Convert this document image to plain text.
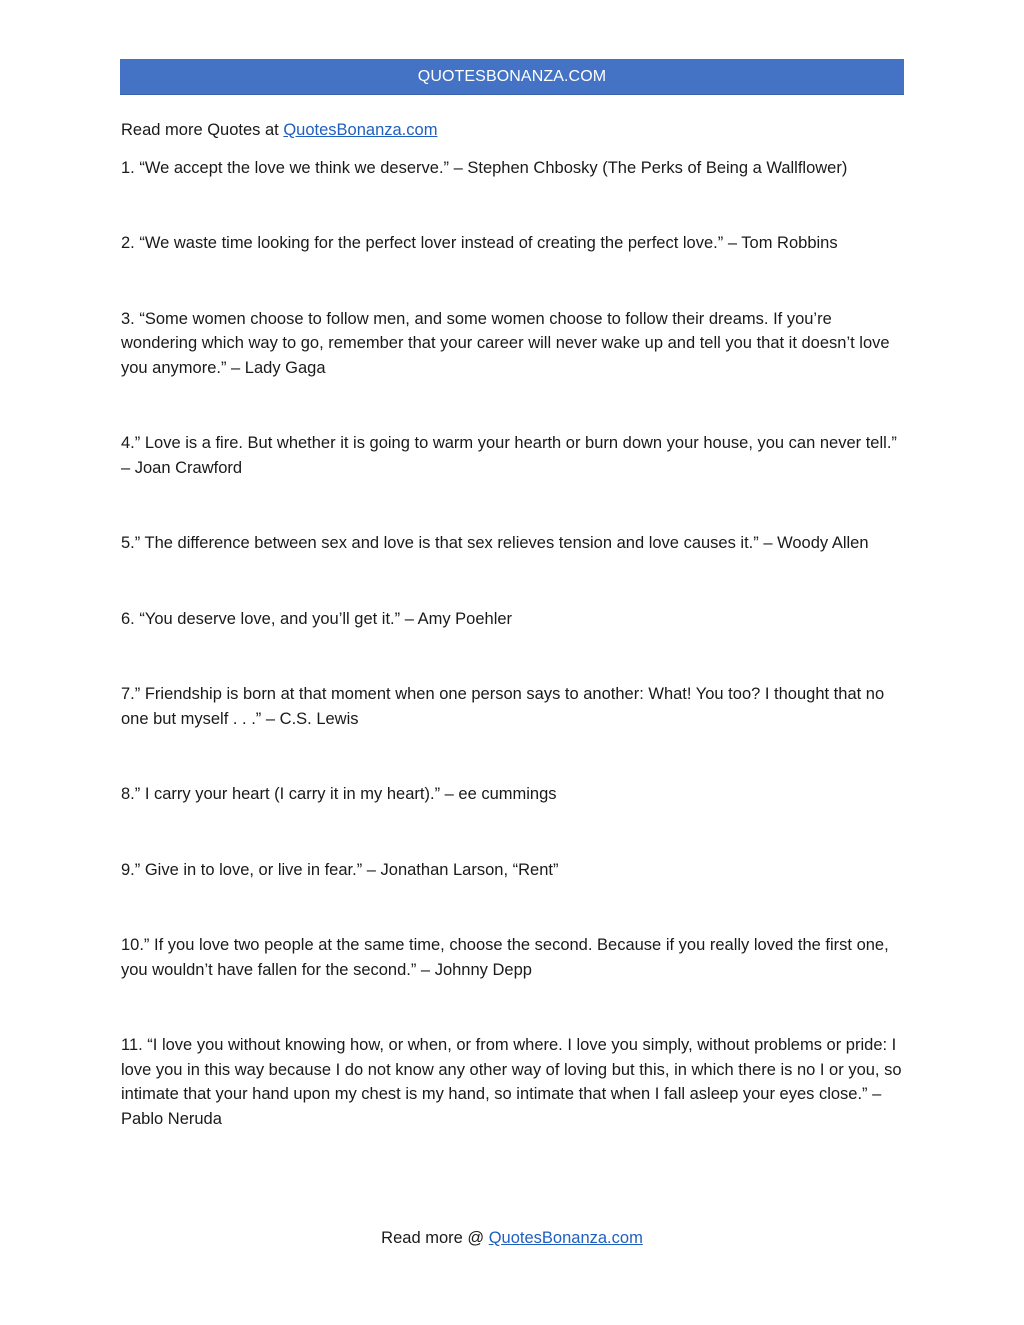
QUOTESBONANZA.COM

Read more Quotes at QuotesBonanza.com

1. “We accept the love we think we deserve.” – Stephen Chbosky (The Perks of Being a Wallflower)

2. “We waste time looking for the perfect lover instead of creating the perfect love.” – Tom Robbins

3. “Some women choose to follow men, and some women choose to follow their dreams. If you’re wondering which way to go, remember that your career will never wake up and tell you that it doesn’t love you anymore.” – Lady Gaga

4.” Love is a fire. But whether it is going to warm your hearth or burn down your house, you can never tell.” – Joan Crawford

5.” The difference between sex and love is that sex relieves tension and love causes it.” – Woody Allen

6. “You deserve love, and you’ll get it.” – Amy Poehler

7.” Friendship is born at that moment when one person says to another: What! You too? I thought that no one but myself . . .” – C.S. Lewis

8.” I carry your heart (I carry it in my heart).” – ee cummings

9.” Give in to love, or live in fear.” – Jonathan Larson, “Rent”

10.” If you love two people at the same time, choose the second. Because if you really loved the first one, you wouldn’t have fallen for the second.” – Johnny Depp

11. “I love you without knowing how, or when, or from where. I love you simply, without problems or pride: I love you in this way because I do not know any other way of loving but this, in which there is no I or you, so intimate that your hand upon my chest is my hand, so intimate that when I fall asleep your eyes close.” – Pablo Neruda

Read more @ QuotesBonanza.com
